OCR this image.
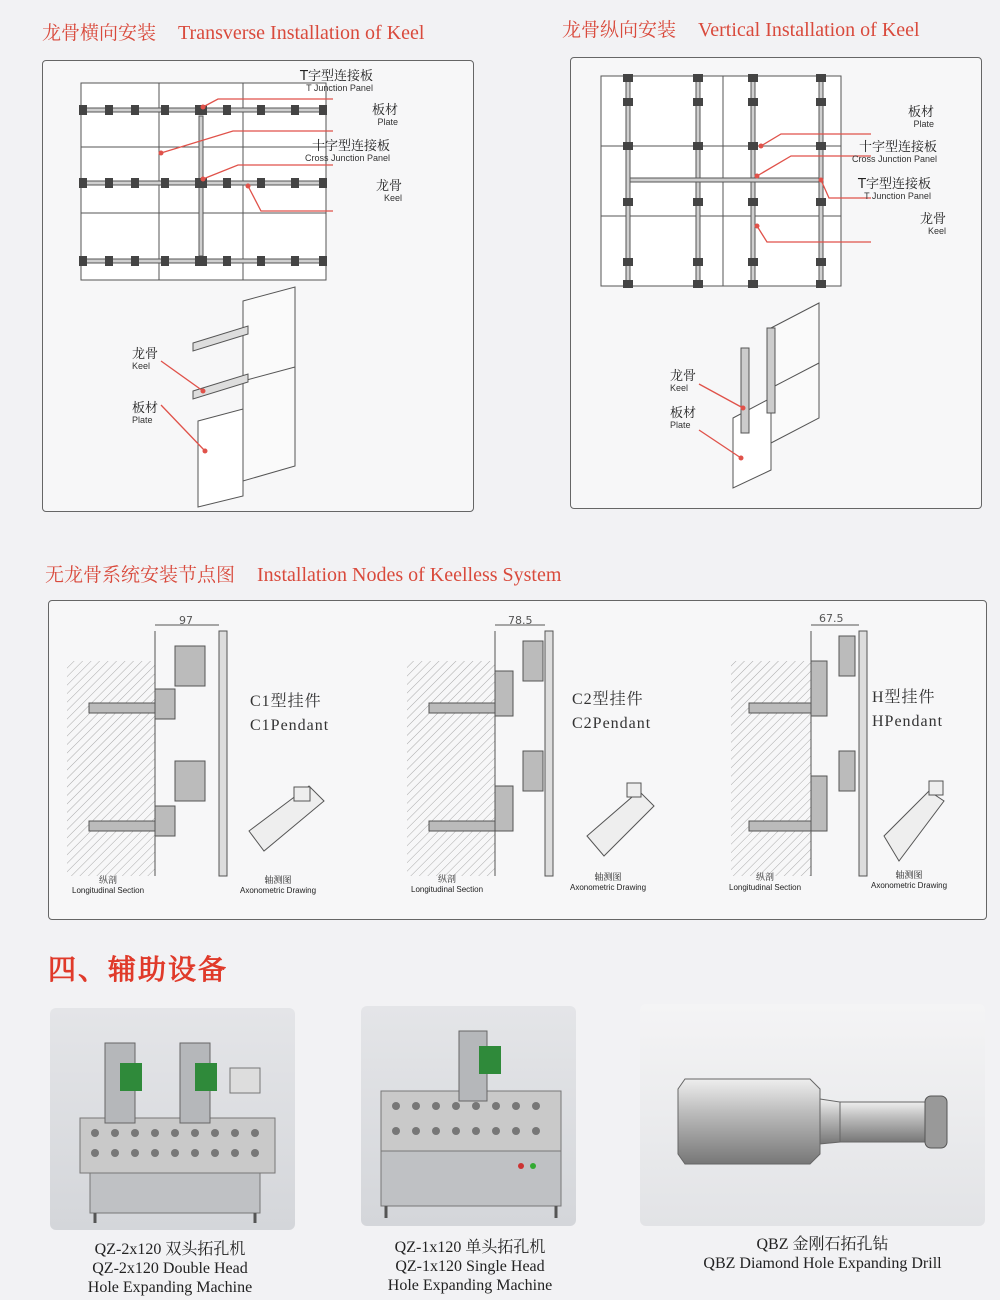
龙骨横向安装 Transverse Installation of Keel	龙骨纵向安装 Vertical Installation of Keel
T字型连接板
T Junction Panel
板材
Plate
十字型连接板
Cross Junction Panel
龙骨
Keel
龙骨
Keel
板材
Plate
板材
Plate
十字型连接板
Cross Junction Panel
T字型连接板
T Junction Panel
龙骨
Keel
龙骨
Keel
板材
Plate
无龙骨系统安装节点图 Installation Nodes of Keelless System
97	78.5	67.5
C1型挂件
C1Pendant
C2型挂件
C2Pendant
H型挂件
HPendant
纵剖
Longitudinal Section
轴测图
Axonometric Drawing
纵剖
Longitudinal Section
轴测图
Axonometric Drawing
纵剖
Longitudinal Section
轴测图
Axonometric Drawing
四、辅助设备
QZ-2x120 双头拓孔机
QZ-2x120 Double Head
Hole Expanding Machine
QZ-1x120 单头拓孔机
QZ-1x120 Single Head
Hole Expanding Machine
QBZ 金刚石拓孔钻
QBZ Diamond Hole Expanding Drill
